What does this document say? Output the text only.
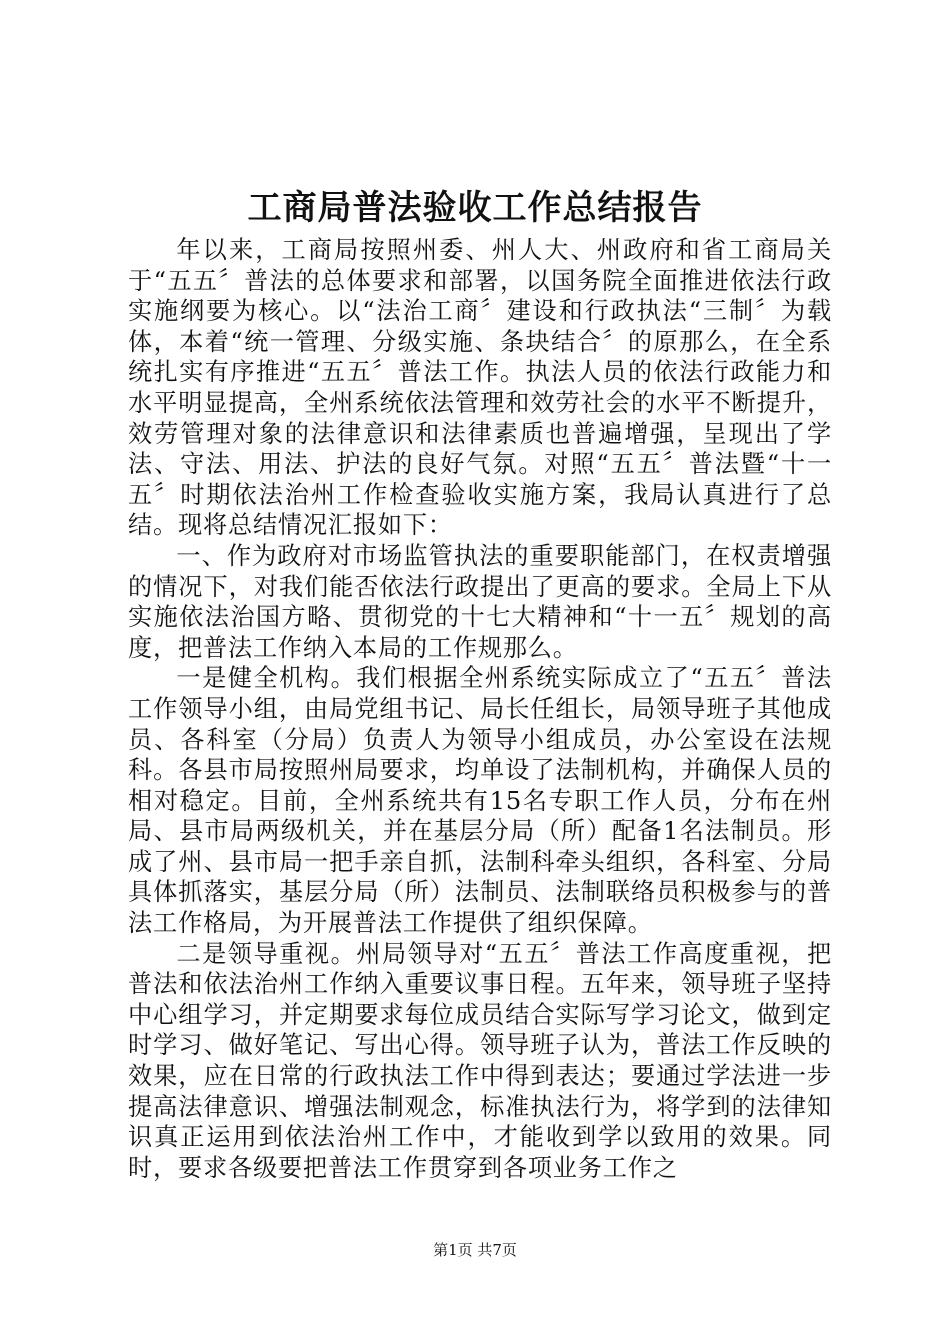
工商局普法验收工作总结报告

年以来，工商局按照州委、州人大、州政府和省工商局关于“五五〞普法的总体要求和部署，以国务院全面推进依法行政实施纲要为核心。以“法治工商〞建设和行政执法“三制〞为载体，本着“统一管理、分级实施、条块结合〞的原那么，在全系统扎实有序推进“五五〞普法工作。执法人员的依法行政能力和水平明显提高，全州系统依法管理和效劳社会的水平不断提升，效劳管理对象的法律意识和法律素质也普遍增强，呈现出了学法、守法、用法、护法的良好气氛。对照“五五〞普法暨“十一五〞时期依法治州工作检查验收实施方案，我局认真进行了总结。现将总结情况汇报如下：

一、作为政府对市场监管执法的重要职能部门，在权责增强的情况下，对我们能否依法行政提出了更高的要求。全局上下从实施依法治国方略、贯彻党的十七大精神和“十一五〞规划的高度，把普法工作纳入本局的工作规那么。

一是健全机构。我们根据全州系统实际成立了“五五〞普法工作领导小组，由局党组书记、局长任组长，局领导班子其他成员、各科室（分局）负责人为领导小组成员，办公室设在法规科。各县市局按照州局要求，均单设了法制机构，并确保人员的相对稳定。目前，全州系统共有15名专职工作人员，分布在州局、县市局两级机关，并在基层分局（所）配备1名法制员。形成了州、县市局一把手亲自抓，法制科牵头组织，各科室、分局具体抓落实，基层分局（所）法制员、法制联络员积极参与的普法工作格局，为开展普法工作提供了组织保障。

二是领导重视。州局领导对“五五〞普法工作高度重视，把普法和依法治州工作纳入重要议事日程。五年来，领导班子坚持中心组学习，并定期要求每位成员结合实际写学习论文，做到定时学习、做好笔记、写出心得。领导班子认为，普法工作反映的效果，应在日常的行政执法工作中得到表达；要通过学法进一步提高法律意识、增强法制观念，标准执法行为，将学到的法律知识真正运用到依法治州工作中，才能收到学以致用的效果。同时，要求各级要把普法工作贯穿到各项业务工作之

第1页 共7页
